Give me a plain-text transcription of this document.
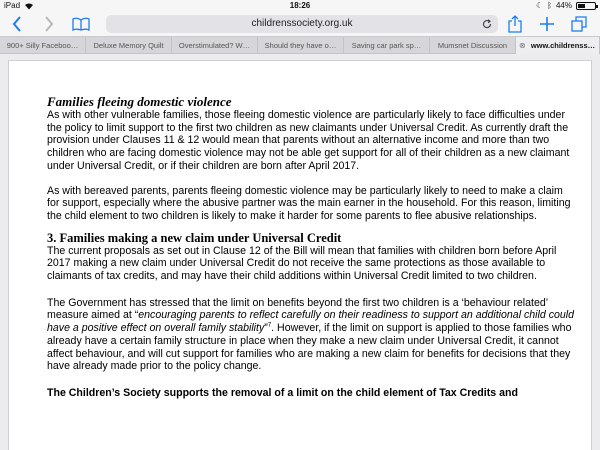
iPad	18:26	☾ ᛒ 44%
childrenssociety.org.uk
900+ Silly Faceboo…	Deluxe Memory Quilt	Overstimulated? W…	Should they have o…	Saving car park sp…	Mumsnet Discussion	⊗ www.childrenss…
Families fleeing domestic violence

As with other vulnerable families, those fleeing domestic violence are particularly likely to face difficulties under the policy to limit support to the first two children as new claimants under Universal Credit. As currently draft the provision under Clauses 11 & 12 would mean that parents without an alternative income and more than two children who are facing domestic violence may not be able get support for all of their children as a new claimant under Universal Credit, or if their children are born after April 2017.

As with bereaved parents, parents fleeing domestic violence may be particularly likely to need to make a claim for support, especially where the abusive partner was the main earner in the household. For this reason, limiting the child element to two children is likely to make it harder for some parents to flee abusive relationships.

3. Families making a new claim under Universal Credit

The current proposals as set out in Clause 12 of the Bill will mean that families with children born before April 2017 making a new claim under Universal Credit do not receive the same protections as those available to claimants of tax credits, and may have their child additions within Universal Credit limited to two children.

The Government has stressed that the limit on benefits beyond the first two children is a ‘behaviour related’ measure aimed at “encouraging parents to reflect carefully on their readiness to support an additional child could have a positive effect on overall family stability”$^7$. However, if the limit on support is applied to those families who already have a certain family structure in place when they make a new claim under Universal Credit, it cannot affect behaviour, and will cut support for families who are making a new claim for benefits for decisions that they have already made prior to the policy change.

The Children’s Society supports the removal of a limit on the child element of Tax Credits and
